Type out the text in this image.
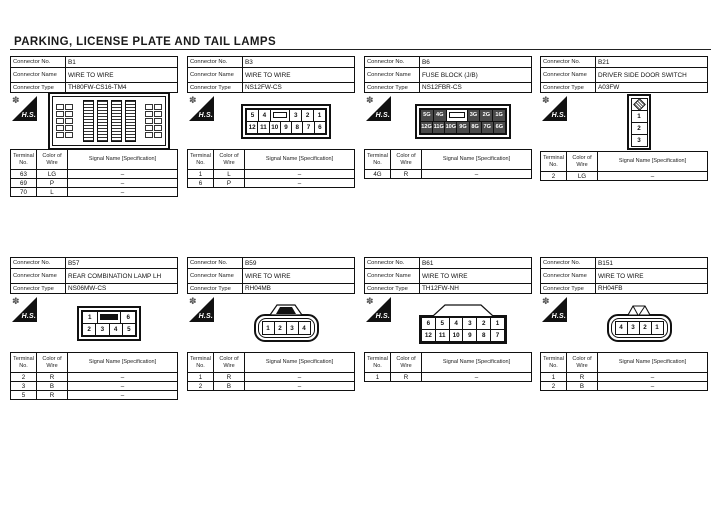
PARKING, LICENSE PLATE AND TAIL LAMPS
Connector No.	B1
Connector Name	WIRE TO WIRE
Connector Type	TH80FW-CS16-TM4
✽
H.S.
Terminal No.
Color of Wire
Signal Name [Specification]
63	LG	–
69	P	–
70	L	–
Connector No.	B3
Connector Name	WIRE TO WIRE
Connector Type	NS12FW-CS
✽
H.S.	5	4	3	2	1
12 11 10 9	8	7	6
Terminal No.
Color of Wire
Signal Name [Specification]
1	L	–
6	P	–
Connector No.	B6
Connector Name	FUSE BLOCK (J/B)
Connector Type	NS12FBR-CS
✽
H.S.	5G 4G	3G 2G 1G
12G 11G 10G 9G 8G 7G 6G
Terminal No.
Color of Wire
Signal Name [Specification]
4G	R	–
Connector No.	B21
Connector Name	DRIVER SIDE DOOR SWITCH
Connector Type	A03FW
✽
H.S.	1
2
3
Terminal No.
Color of Wire
Signal Name [Specification]
2	LG	–
Connector No.	B57
Connector Name	REAR COMBINATION LAMP LH
Connector Type	NS06MW-CS
✽
H.S.	1	6
2	3	4	5
Terminal No.
Color of Wire
Signal Name [Specification]
2	R	–
3	B	–
5	R	–
Connector No.	B59
Connector Name	WIRE TO WIRE
Connector Type	RH04MB
✽
H.S.
1	2	3	4
Terminal No.
Color of Wire
Signal Name [Specification]
1	R	–
2	B	–
Connector No.	B61
Connector Name	WIRE TO WIRE
Connector Type	TH12FW-NH
✽
H.S.
6	5	4	3	2	1
12	11	10	9	8	7
Terminal No.
Color of Wire
Signal Name [Specification]
1	R	–
Connector No.	B151
Connector Name	WIRE TO WIRE
Connector Type	RH04FB
✽
H.S.
4	3	2	1
Terminal No.
Color of Wire
Signal Name [Specification]
1	R	–
2	B	–
